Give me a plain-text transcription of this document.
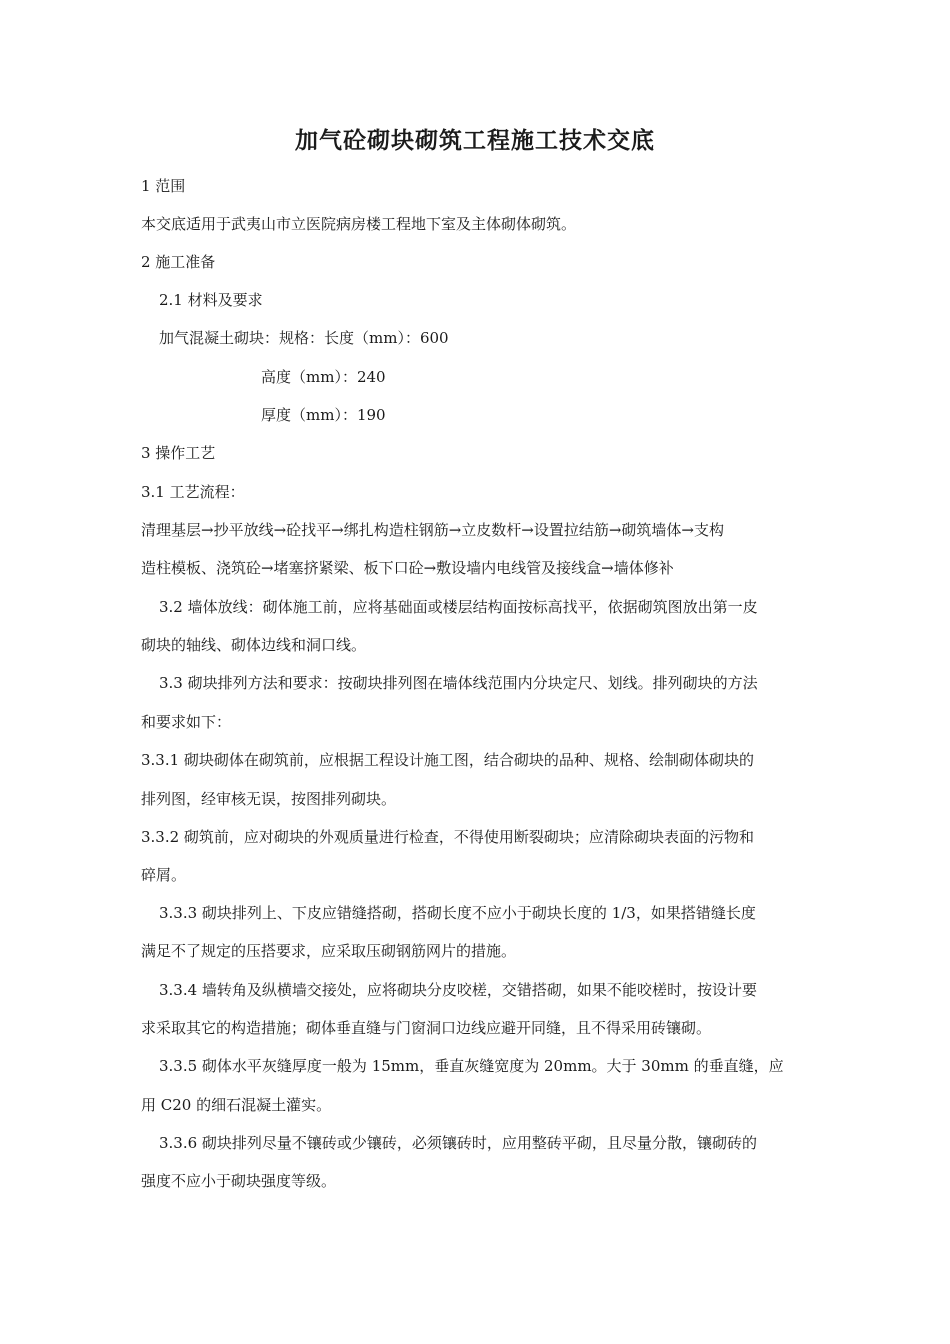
加气砼砌块砌筑工程施工技术交底
1 范围
本交底适用于武夷山市立医院病房楼工程地下室及主体砌体砌筑。
2 施工准备
2.1 材料及要求
加气混凝土砌块：规格：长度（mm）：600
高度（mm）：240
厚度（mm）：190
3 操作工艺
3.1 工艺流程：
清理基层→抄平放线→砼找平→绑扎构造柱钢筋→立皮数杆→设置拉结筋→砌筑墙体→支构
造柱模板、浇筑砼→堵塞挤紧梁、板下口砼→敷设墙内电线管及接线盒→墙体修补
3.2 墙体放线：砌体施工前，应将基础面或楼层结构面按标高找平，依据砌筑图放出第一皮
砌块的轴线、砌体边线和洞口线。
3.3 砌块排列方法和要求：按砌块排列图在墙体线范围内分块定尺、划线。排列砌块的方法
和要求如下：
3.3.1 砌块砌体在砌筑前，应根据工程设计施工图，结合砌块的品种、规格、绘制砌体砌块的
排列图，经审核无误，按图排列砌块。
3.3.2 砌筑前，应对砌块的外观质量进行检查，不得使用断裂砌块；应清除砌块表面的污物和
碎屑。
3.3.3 砌块排列上、下皮应错缝搭砌，搭砌长度不应小于砌块长度的 1/3，如果搭错缝长度
满足不了规定的压搭要求，应采取压砌钢筋网片的措施。
3.3.4 墙转角及纵横墙交接处，应将砌块分皮咬槎，交错搭砌，如果不能咬槎时，按设计要
求采取其它的构造措施；砌体垂直缝与门窗洞口边线应避开同缝，且不得采用砖镶砌。
3.3.5 砌体水平灰缝厚度一般为 15mm，垂直灰缝宽度为 20mm。大于 30mm 的垂直缝，应
用 C20 的细石混凝土灌实。
3.3.6 砌块排列尽量不镶砖或少镶砖，必须镶砖时，应用整砖平砌，且尽量分散，镶砌砖的
强度不应小于砌块强度等级。
